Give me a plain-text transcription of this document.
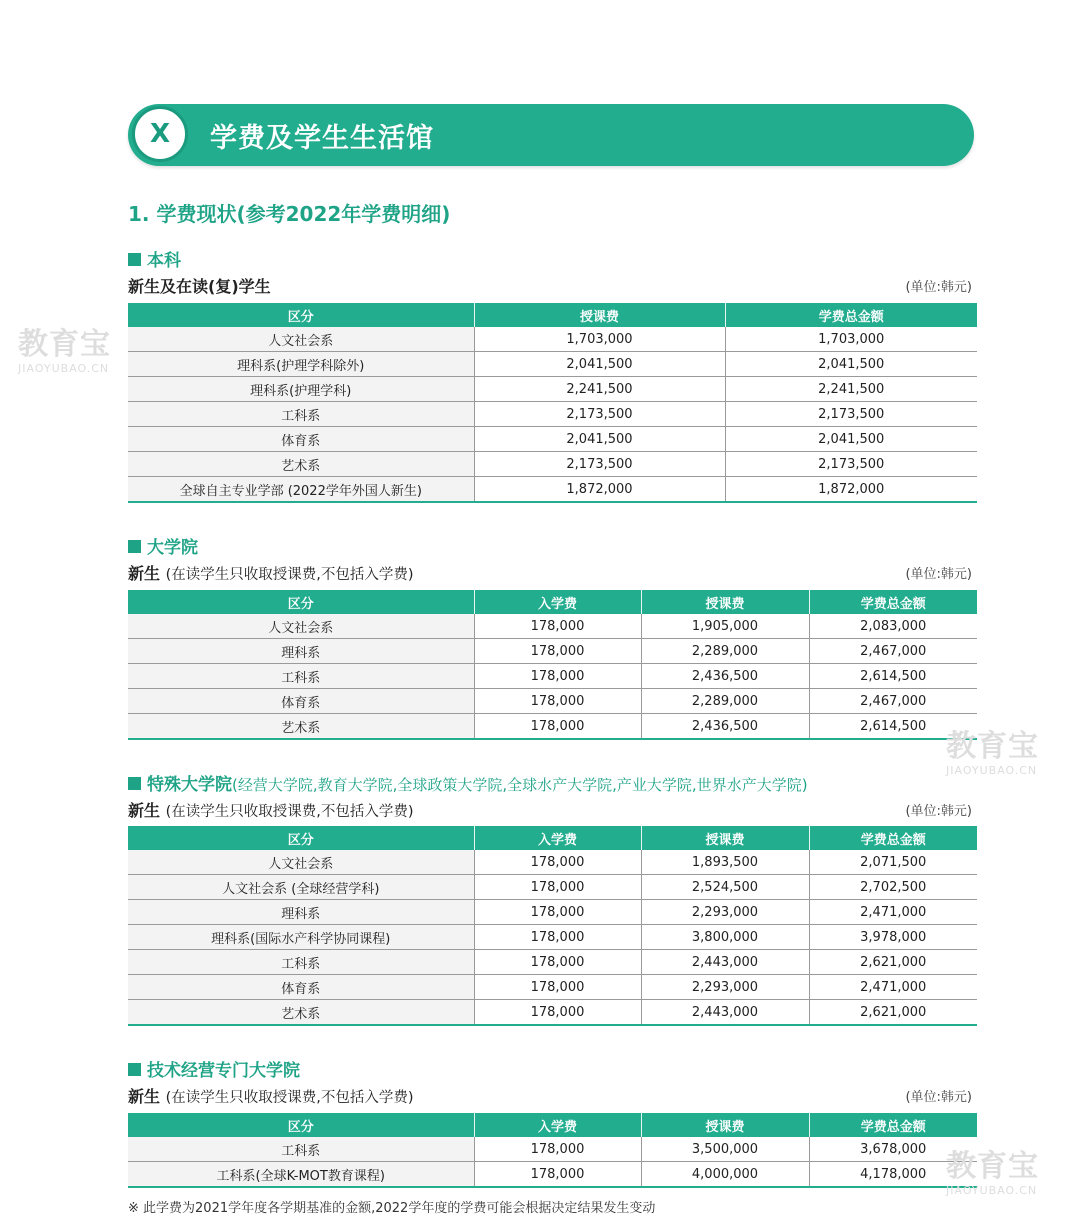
X	学费及学生生活馆
1. 学费现状(参考2022年学费明细)
本科
新生及在读(复)学生	(单位:韩元)
区分	授课费	学费总金额
人文社会系	1,703,000	1,703,000
理科系(护理学科除外)	2,041,500	2,041,500
理科系(护理学科)	2,241,500	2,241,500
工科系	2,173,500	2,173,500
体育系	2,041,500	2,041,500
艺术系	2,173,500	2,173,500
全球自主专业学部 (2022学年外国人新生)	1,872,000	1,872,000
大学院
新生 (在读学生只收取授课费,不包括入学费)	(单位:韩元)
区分	入学费	授课费	学费总金额
人文社会系	178,000	1,905,000	2,083,000
理科系	178,000	2,289,000	2,467,000
工科系	178,000	2,436,500	2,614,500
体育系	178,000	2,289,000	2,467,000
艺术系	178,000	2,436,500	2,614,500
特殊大学院(经营大学院,教育大学院,全球政策大学院,全球水产大学院,产业大学院,世界水产大学院)
新生 (在读学生只收取授课费,不包括入学费)	(单位:韩元)
区分	入学费	授课费	学费总金额
人文社会系	178,000	1,893,500	2,071,500
人文社会系 (全球经营学科)	178,000	2,524,500	2,702,500
理科系	178,000	2,293,000	2,471,000
理科系(国际水产科学协同课程)	178,000	3,800,000	3,978,000
工科系	178,000	2,443,000	2,621,000
体育系	178,000	2,293,000	2,471,000
艺术系	178,000	2,443,000	2,621,000
技术经营专门大学院
新生 (在读学生只收取授课费,不包括入学费)	(单位:韩元)
区分	入学费	授课费	学费总金额
工科系	178,000	3,500,000	3,678,000
工科系(全球K-MOT教育课程)	178,000	4,000,000	4,178,000
※ 此学费为2021学年度各学期基准的金额,2022学年度的学费可能会根据决定结果发生变动
教育宝
JIAOYUBAO.CN
教育宝
JIAOYUBAO.CN
教育宝
JIAOYUBAO.CN
